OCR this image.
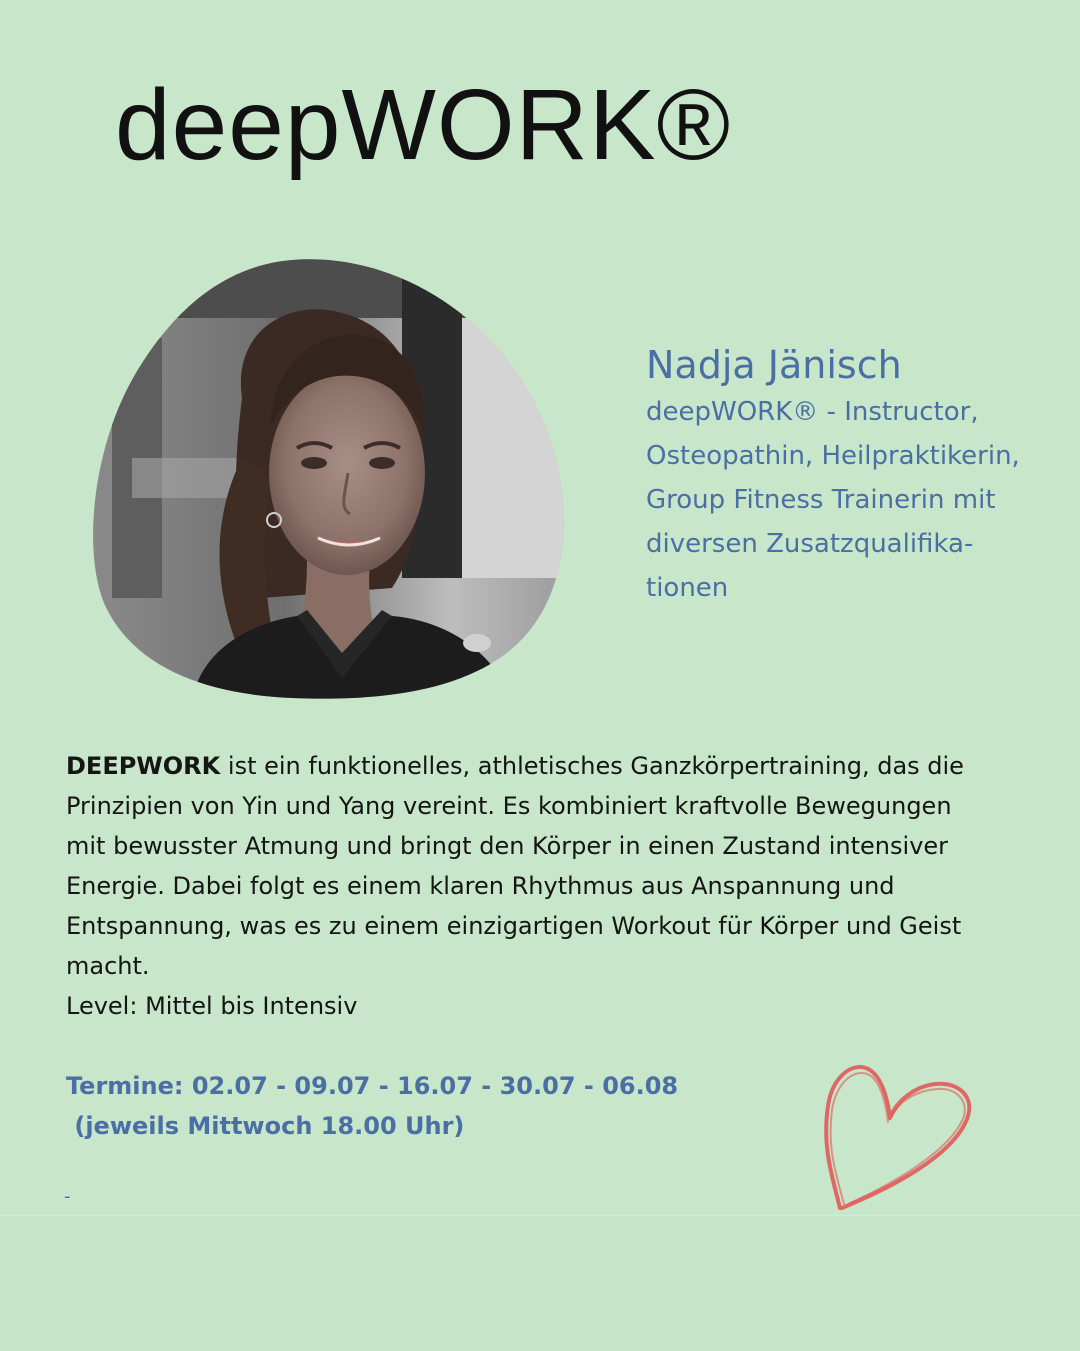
deepWORK®
Nadja Jänisch

deepWORK® - Instructor,
Osteopathin, Heilpraktikerin,
Group Fitness Trainerin mit
diversen Zusatzqualifika-
tionen

DEEPWORK ist ein funktionelles, athletisches Ganzkörpertraining, das die
Prinzipien von Yin und Yang vereint. Es kombiniert kraftvolle Bewegungen
mit bewusster Atmung und bringt den Körper in einen Zustand intensiver
Energie. Dabei folgt es einem klaren Rhythmus aus Anspannung und
Entspannung, was es zu einem einzigartigen Workout für Körper und Geist
macht.

Level: Mittel bis Intensiv

Termine: 02.07 - 09.07 - 16.07 - 30.07 - 06.08
(jeweils Mittwoch 18.00 Uhr)

-
